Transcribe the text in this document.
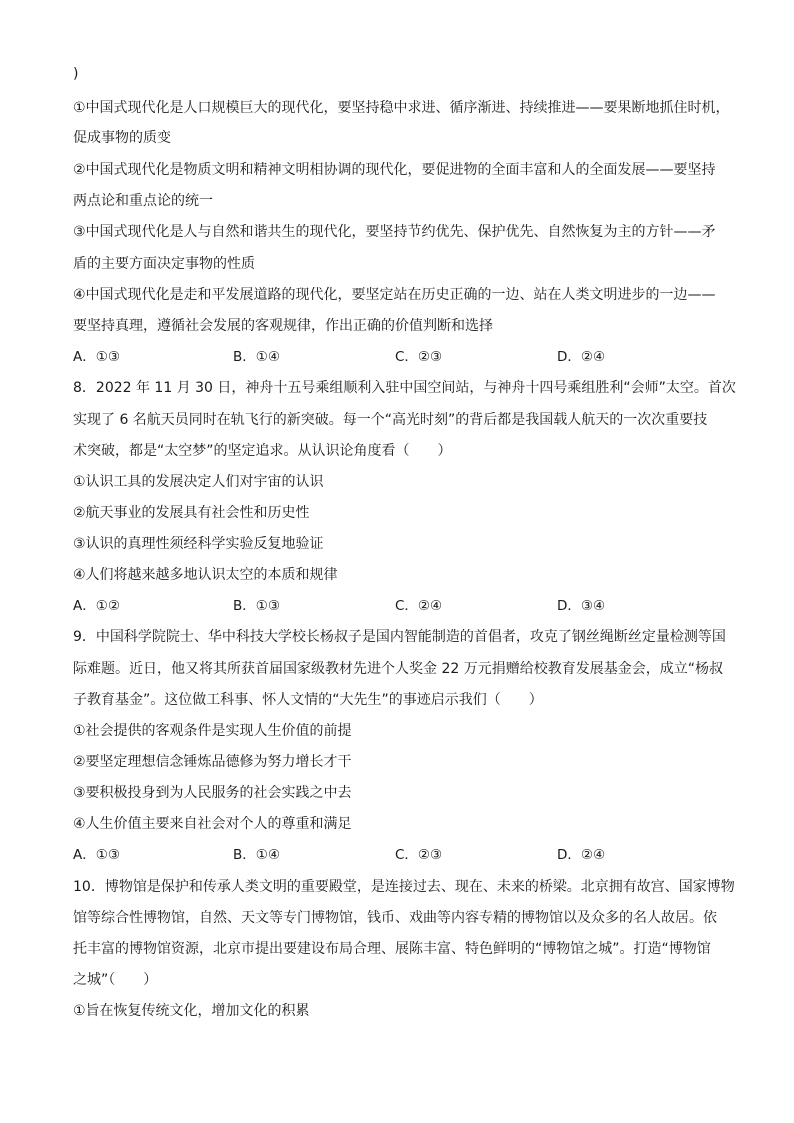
)
①中国式现代化是人口规模巨大的现代化，要坚持稳中求进、循序渐进、持续推进——要果断地抓住时机，
促成事物的质变
②中国式现代化是物质文明和精神文明相协调的现代化，要促进物的全面丰富和人的全面发展——要坚持
两点论和重点论的统一
③中国式现代化是人与自然和谐共生的现代化，要坚持节约优先、保护优先、自然恢复为主的方针——矛
盾的主要方面决定事物的性质
④中国式现代化是走和平发展道路的现代化，要坚定站在历史正确的一边、站在人类文明进步的一边——
要坚持真理，遵循社会发展的客观规律，作出正确的价值判断和选择
A．①③	B．①④	C．②③	D．②④
8．2022 年 11 月 30 日，神舟十五号乘组顺利入驻中国空间站，与神舟十四号乘组胜利“会师”太空。首次
实现了 6 名航天员同时在轨飞行的新突破。每一个“高光时刻”的背后都是我国载人航天的一次次重要技
术突破，都是“太空梦”的坚定追求。从认识论角度看（　　）
①认识工具的发展决定人们对宇宙的认识
②航天事业的发展具有社会性和历史性
③认识的真理性须经科学实验反复地验证
④人们将越来越多地认识太空的本质和规律
A．①②	B．①③	C．②④	D．③④
9．中国科学院院士、华中科技大学校长杨叔子是国内智能制造的首倡者，攻克了钢丝绳断丝定量检测等国
际难题。近日，他又将其所获首届国家级教材先进个人奖金 22 万元捐赠给校教育发展基金会，成立“杨叔
子教育基金”。这位做工科事、怀人文情的“大先生”的事迹启示我们（　　）
①社会提供的客观条件是实现人生价值的前提
②要坚定理想信念锤炼品德修为努力增长才干
③要积极投身到为人民服务的社会实践之中去
④人生价值主要来自社会对个人的尊重和满足
A．①③	B．①④	C．②③	D．②④
10．博物馆是保护和传承人类文明的重要殿堂，是连接过去、现在、未来的桥梁。北京拥有故宫、国家博物
馆等综合性博物馆，自然、天文等专门博物馆，钱币、戏曲等内容专精的博物馆以及众多的名人故居。依
托丰富的博物馆资源，北京市提出要建设布局合理、展陈丰富、特色鲜明的“博物馆之城”。打造“博物馆
之城”（　　）
①旨在恢复传统文化，增加文化的积累
